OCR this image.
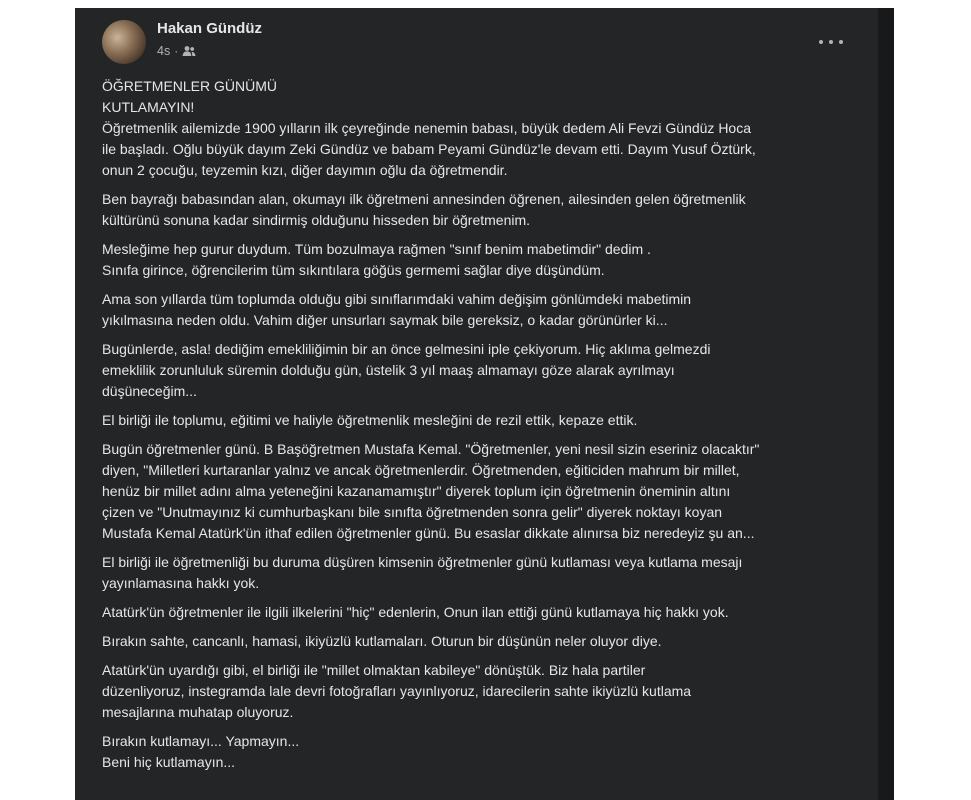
Hakan Gündüz
4s ·

ÖĞRETMENLER GÜNÜMÜ
KUTLAMAYIN!
Öğretmenlik ailemizde 1900 yılların ilk çeyreğinde nenemin babası, büyük dedem Ali Fevzi Gündüz Hoca
ile başladı. Oğlu büyük dayım Zeki Gündüz ve babam Peyami Gündüz'le devam etti. Dayım Yusuf Öztürk,
onun 2 çocuğu, teyzemin kızı, diğer dayımın oğlu da öğretmendir.

Ben bayrağı babasından alan, okumayı ilk öğretmeni annesinden öğrenen, ailesinden gelen öğretmenlik
kültürünü sonuna kadar sindirmiş olduğunu hisseden bir öğretmenim.

Mesleğime hep gurur duydum. Tüm bozulmaya rağmen "sınıf benim mabetimdir" dedim .
Sınıfa girince, öğrencilerim tüm sıkıntılara göğüs germemi sağlar diye düşündüm.

Ama son yıllarda tüm toplumda olduğu gibi sınıflarımdaki vahim değişim gönlümdeki mabetimin
yıkılmasına neden oldu. Vahim diğer unsurları saymak bile gereksiz, o kadar görünürler ki...

Bugünlerde, asla! dediğim emekliliğimin bir an önce gelmesini iple çekiyorum. Hiç aklıma gelmezdi
emeklilik zorunluluk süremin dolduğu gün, üstelik 3 yıl maaş almamayı göze alarak ayrılmayı
düşüneceğim...

El birliği ile toplumu, eğitimi ve haliyle öğretmenlik mesleğini de rezil ettik, kepaze ettik.

Bugün öğretmenler günü. B Başöğretmen Mustafa Kemal. "Öğretmenler, yeni nesil sizin eseriniz olacaktır"
diyen, "Milletleri kurtaranlar yalnız ve ancak öğretmenlerdir. Öğretmenden, eğiticiden mahrum bir millet,
henüz bir millet adını alma yeteneğini kazanamamıştır" diyerek toplum için öğretmenin öneminin altını
çizen ve "Unutmayınız ki cumhurbaşkanı bile sınıfta öğretmenden sonra gelir" diyerek noktayı koyan
Mustafa Kemal Atatürk'ün ithaf edilen öğretmenler günü. Bu esaslar dikkate alınırsa biz neredeyiz şu an...

El birliği ile öğretmenliği bu duruma düşüren kimsenin öğretmenler günü kutlaması veya kutlama mesajı
yayınlamasına hakkı yok.

Atatürk'ün öğretmenler ile ilgili ilkelerini "hiç" edenlerin, Onun ilan ettiği günü kutlamaya hiç hakkı yok.

Bırakın sahte, cancanlı, hamasi, ikiyüzlü kutlamaları. Oturun bir düşünün neler oluyor diye.

Atatürk'ün uyardığı gibi, el birliği ile "millet olmaktan kabileye" dönüştük. Biz hala partiler
düzenliyoruz, instegramda lale devri fotoğrafları yayınlıyoruz, idarecilerin sahte ikiyüzlü kutlama
mesajlarına muhatap oluyoruz.

Bırakın kutlamayı... Yapmayın...
Beni hiç kutlamayın...
